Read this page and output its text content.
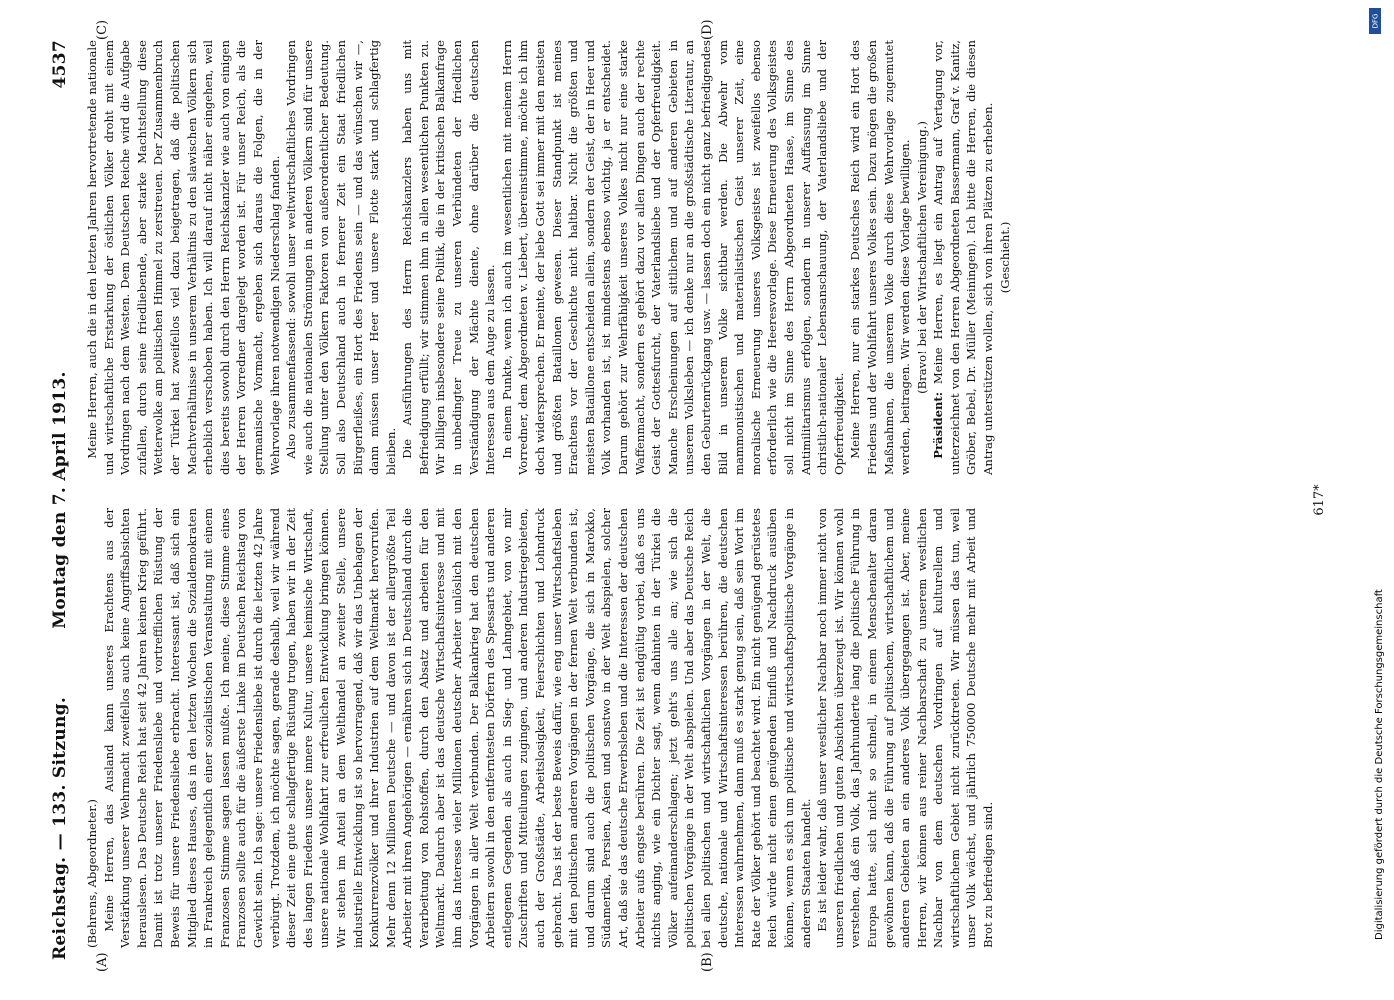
Reichstag. — 133. Sitzung.
Montag den 7. April 1913.
4537
(A)	(B)
(C)	(D)

(Behrens, Abgeordneter.) Meine Herren, das Ausland kann unseres Erachtens aus der Verstärkung unserer Wehrmacht zweifellos auch keine Angriffsabsichten herauslesen. Das Deutsche Reich hat seit 42 Jahren keinen Krieg geführt. Damit ist trotz unserer Friedensliebe und vortrefflichen Rüstung der Beweis für unsere Friedensliebe erbracht. Interessant ist, daß sich ein Mitglied dieses Hauses, das in den letzten Wochen die Sozialdemokraten in Frankreich gelegentlich einer sozialistischen Veranstaltung mit einem Franzosen Stimme sagen lassen mußte. Ich meine, diese Stimme eines Franzosen sollte auch für die äußerste Linke im Deutschen Reichstag von Gewicht sein. Ich sage: unsere Friedensliebe ist durch die letzten 42 Jahre verbürgt. Trotzdem, ich möchte sagen, gerade deshalb, weil wir während dieser Zeit eine gute schlagfertige Rüstung trugen, haben wir in der Zeit des langen Friedens unsere innere Kultur, unsere heimische Wirtschaft, unsere nationale Wohlfahrt zur erfreulichen Entwicklung bringen können. Wir stehen im Anteil an dem Welthandel an zweiter Stelle, unsere industrielle Entwicklung ist so hervorragend, daß wir das Unbehagen der Konkurrenzvölker und ihrer Industrien auf dem Weltmarkt hervorrufen. Mehr denn 12 Millionen Deutsche — und davon ist der allergrößte Teil Arbeiter mit ihren Angehörigen — ernähren sich in Deutschland durch die Verarbeitung von Rohstoffen, durch den Absatz und arbeiten für den Weltmarkt. Dadurch aber ist das deutsche Wirtschaftsinteresse und mit ihm das Interesse vieler Millionen deutscher Arbeiter unlöslich mit den Vorgängen in aller Welt verbunden. Der Balkankrieg hat den deutschen Arbeitern sowohl in den entferntesten Dörfern des Spessarts und anderen entlegenen Gegenden als auch in Sieg- und Lahngebiet, von wo mir Zuschriften und Mitteilungen zugingen, und anderen Industriegebieten, auch der Großstädte, Arbeitslosigkeit, Feierschichten und Lohndruck gebracht. Das ist der beste Beweis dafür, wie eng unser Wirtschaftsleben mit den politischen anderen Vorgängen in der fernen Welt verbunden ist, und darum sind auch die politischen Vorgänge, die sich in Marokko, Südamerika, Persien, Asien und sonstwo in der Welt abspielen, solcher Art, daß sie das deutsche Erwerbsleben und die Interessen der deutschen Arbeiter aufs engste berühren. Die Zeit ist endgültig vorbei, daß es uns nichts anging, wie ein Dichter sagt, wenn dahinten in der Türkei die Völker aufeinanderschlagen; jetzt geht's uns alle an; wie sich die politischen Vorgänge in der Welt abspielen. Und aber das Deutsche Reich bei allen politischen und wirtschaftlichen Vorgängen in der Welt, die deutsche, nationale und Wirtschaftsinteressen berühren, die deutschen Interessen wahrnehmen, dann muß es stark genug sein, daß sein Wort im Rate der Völker gehört und beachtet wird. Ein nicht genügend gerüstetes Reich würde nicht einen genügenden Einfluß und Nachdruck ausüben können, wenn es sich um politische und wirtschaftspolitische Vorgänge in anderen Staaten handelt. Es ist leider wahr, daß unser westlicher Nachbar noch immer nicht von unseren friedlichen und guten Absichten überzeugt ist. Wir können wohl verstehen, daß ein Volk, das Jahrhunderte lang die politische Führung in Europa hatte, sich nicht so schnell, in einem Menschenalter daran gewöhnen kann, daß die Führung auf politischem, wirtschaftlichem und anderen Gebieten an ein anderes Volk übergegangen ist. Aber, meine Herren, wir können aus reiner Nachbarschaft zu unserem westlichen Nachbar von dem deutschen Vordringen auf kulturellem und wirtschaftlichem Gebiet nicht zurücktreten. Wir müssen das tun, weil unser Volk wächst, und jährlich 750000 Deutsche mehr mit Arbeit und Brot zu befriedigen sind.

Meine Herren, auch die in den letzten Jahren hervortretende nationale und wirtschaftliche Erstarkung der östlichen Völker droht mit einem Vordringen nach dem Westen. Dem Deutschen Reiche wird die Aufgabe zufallen, durch seine friedliebende, aber starke Machtstellung diese Wetterwolke am politischen Himmel zu zerstreuen. Der Zusammenbruch der Türkei hat zweifellos viel dazu beigetragen, daß die politischen Machtverhältnisse in unserem Verhältnis zu den slawischen Völkern sich erheblich verschoben haben. Ich will darauf nicht näher eingehen, weil dies bereits sowohl durch den Herrn Reichskanzler wie auch von einigen der Herren Vorredner dargelegt worden ist. Für unser Reich, als die germanische Vormacht, ergeben sich daraus die Folgen, die in der Wehrvorlage ihren notwendigen Niederschlag fanden. Also zusammenfassend: sowohl unser weltwirtschaftliches Vordringen wie auch die nationalen Strömungen in anderen Völkern sind für unsere Stellung unter den Völkern Faktoren von außerordentlicher Bedeutung. Soll also Deutschland auch in fernerer Zeit ein Staat friedlichen Bürgerfleißes, ein Hort des Friedens sein — und das wünschen wir —, dann müssen unser Heer und unsere Flotte stark und schlagfertig bleiben. Die Ausführungen des Herrn Reichskanzlers haben uns mit Befriedigung erfüllt; wir stimmen ihm in allen wesentlichen Punkten zu. Wir billigen insbesondere seine Politik, die in der kritischen Balkanfrage in unbedingter Treue zu unseren Verbündeten der friedlichen Verständigung der Mächte diente, ohne darüber die deutschen Interessen aus dem Auge zu lassen. In einem Punkte, wenn ich auch im wesentlichen mit meinem Herrn Vorredner, dem Abgeordneten v. Liebert, übereinstimme, möchte ich ihm doch widersprechen. Er meinte, der liebe Gott sei immer mit den meisten und größten Bataillonen gewesen. Dieser Standpunkt ist meines Erachtens vor der Geschichte nicht haltbar. Nicht die größten und meisten Bataillone entscheiden allein, sondern der Geist, der in Heer und Volk vorhanden ist, ist mindestens ebenso wichtig, ja er entscheidet. Darum gehört zur Wehrfähigkeit unseres Volkes nicht nur eine starke Waffenmacht, sondern es gehört dazu vor allen Dingen auch der rechte Geist der Gottesfurcht, der Vaterlandsliebe und der Opferfreudigkeit. Manche Erscheinungen auf sittlichem und auf anderen Gebieten in unserem Volksleben — ich denke nur an die großstädtische Literatur, an den Geburtenrückgang usw. — lassen doch ein nicht ganz befriedigendes Bild in unserem Volke sichtbar werden. Die Abwehr vom mammonistischen und materialistischen Geist unserer Zeit, eine moralische Erneuerung unseres Volksgeistes ist zweifellos ebenso erforderlich wie die Heeresvorlage. Diese Erneuerung des Volksgeistes soll nicht im Sinne des Herrn Abgeordneten Haase, im Sinne des Antimilitarismus erfolgen, sondern in unserer Auffassung im Sinne christlich-nationaler Lebensanschauung, der Vaterlandsliebe und der Opferfreudigkeit. Meine Herren, nur ein starkes Deutsches Reich wird ein Hort des Friedens und der Wohlfahrt unseres Volkes sein. Dazu mögen die großen Maßnahmen, die unserem Volke durch diese Wehrvorlage zugemutet werden, beitragen. Wir werden diese Vorlage bewilligen. (Bravo! bei der Wirtschaftlichen Vereinigung.)

Präsident: Meine Herren, es liegt ein Antrag auf Vertagung vor, unterzeichnet von den Herren Abgeordneten Bassermann, Graf v. Kanitz, Gröber, Bebel, Dr. Müller (Meiningen). Ich bitte die Herren, die diesen Antrag unterstützen wollen, sich von ihren Plätzen zu erheben. (Geschieht.)
617*
DFG
Digitalisierung gefördert durch die Deutsche Forschungsgemeinschaft
